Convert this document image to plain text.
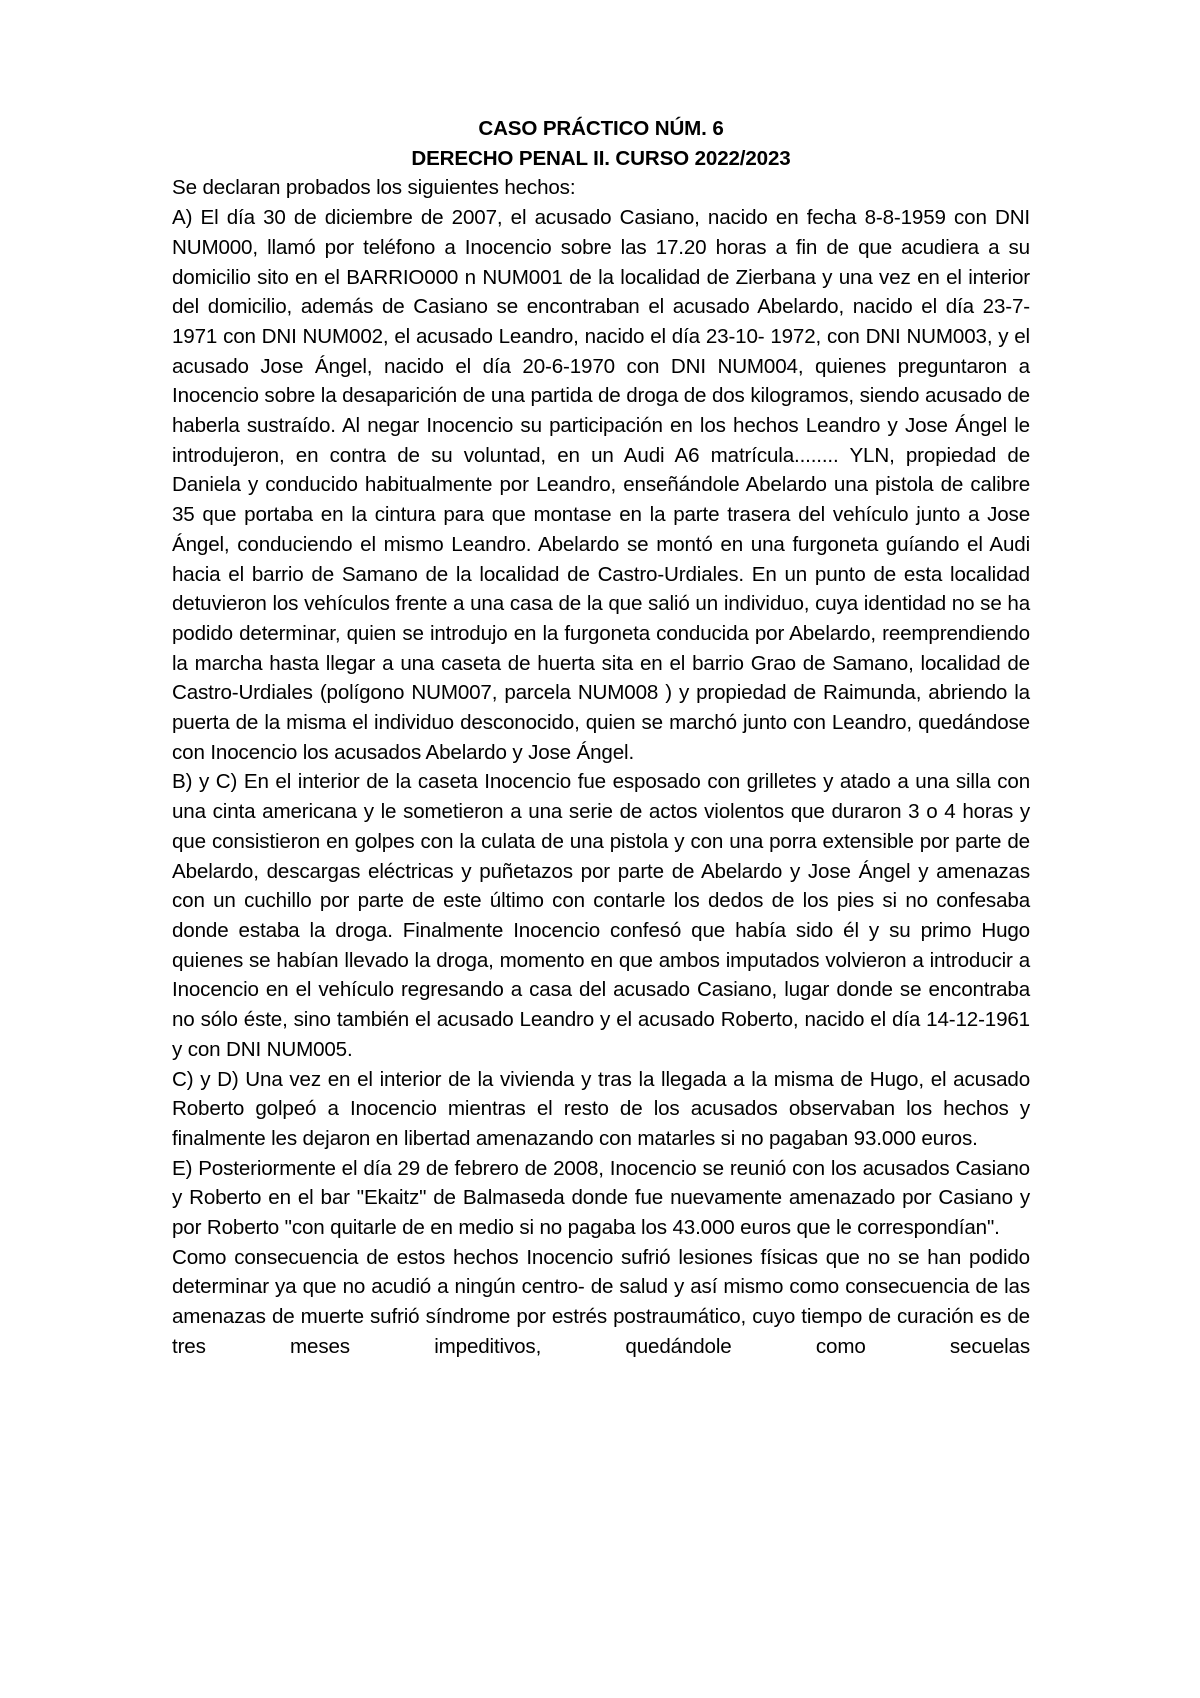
CASO PRÁCTICO NÚM. 6

DERECHO PENAL II. CURSO 2022/2023

Se declaran probados los siguientes hechos:

A) El día 30 de diciembre de 2007, el acusado Casiano, nacido en fecha 8-8-1959 con DNI NUM000, llamó por teléfono a Inocencio sobre las 17.20 horas a fin de que acudiera a su domicilio sito en el BARRIO000 n NUM001 de la localidad de Zierbana y una vez en el interior del domicilio, además de Casiano se encontraban el acusado Abelardo, nacido el día 23-7-1971 con DNI NUM002, el acusado Leandro, nacido el día 23-10- 1972, con DNI NUM003, y el acusado Jose Ángel, nacido el día 20-6-1970 con DNI NUM004, quienes preguntaron a Inocencio sobre la desaparición de una partida de droga de dos kilogramos, siendo acusado de haberla sustraído. Al negar Inocencio su participación en los hechos Leandro y Jose Ángel le introdujeron, en contra de su voluntad, en un Audi A6 matrícula........ YLN, propiedad de Daniela y conducido habitualmente por Leandro, enseñándole Abelardo una pistola de calibre 35 que portaba en la cintura para que montase en la parte trasera del vehículo junto a Jose Ángel, conduciendo el mismo Leandro. Abelardo se montó en una furgoneta guíando el Audi hacia el barrio de Samano de la localidad de Castro-Urdiales. En un punto de esta localidad detuvieron los vehículos frente a una casa de la que salió un individuo, cuya identidad no se ha podido determinar, quien se introdujo en la furgoneta conducida por Abelardo, reemprendiendo la marcha hasta llegar a una caseta de huerta sita en el barrio Grao de Samano, localidad de Castro-Urdiales (polígono NUM007, parcela NUM008 ) y propiedad de Raimunda, abriendo la puerta de la misma el individuo desconocido, quien se marchó junto con Leandro, quedándose con Inocencio los acusados Abelardo y Jose Ángel.

B) y C) En el interior de la caseta Inocencio fue esposado con grilletes y atado a una silla con una cinta americana y le sometieron a una serie de actos violentos que duraron 3 o 4 horas y que consistieron en golpes con la culata de una pistola y con una porra extensible por parte de Abelardo, descargas eléctricas y puñetazos por parte de Abelardo y Jose Ángel y amenazas con un cuchillo por parte de este último con contarle los dedos de los pies si no confesaba donde estaba la droga. Finalmente Inocencio confesó que había sido él y su primo Hugo quienes se habían llevado la droga, momento en que ambos imputados volvieron a introducir a Inocencio en el vehículo regresando a casa del acusado Casiano, lugar donde se encontraba no sólo éste, sino también el acusado Leandro y el acusado Roberto, nacido el día 14-12-1961 y con DNI NUM005.

C) y D) Una vez en el interior de la vivienda y tras la llegada a la misma de Hugo, el acusado Roberto golpeó a Inocencio mientras el resto de los acusados observaban los hechos y finalmente les dejaron en libertad amenazando con matarles si no pagaban 93.000 euros.

E) Posteriormente el día 29 de febrero de 2008, Inocencio se reunió con los acusados Casiano y Roberto en el bar "Ekaitz" de Balmaseda donde fue nuevamente amenazado por Casiano y por Roberto "con quitarle de en medio si no pagaba los 43.000 euros que le correspondían".

Como consecuencia de estos hechos Inocencio sufrió lesiones físicas que no se han podido determinar ya que no acudió a ningún centro- de salud y así mismo como consecuencia de las amenazas de muerte sufrió síndrome por estrés postraumático, cuyo tiempo de curación es de tres meses impeditivos, quedándole como secuelas
